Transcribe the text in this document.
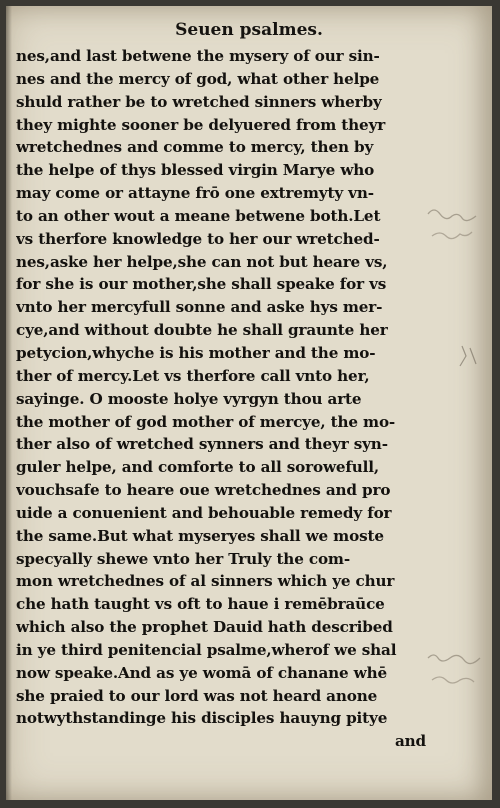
Seuen psalmes.
nes,and last betwene the mysery of our sin-
nes and the mercy of god, what other helpe
shuld rather be to wretched sinners wherby
they mighte sooner be delyuered from theyr
wretchednes and comme to mercy, then by
the helpe of thys blessed virgin Marye who
may come or attayne frō one extremyty vn-
to an other wout a meane betwene both.Let
vs therfore knowledge to her our wretched-
nes,aske her helpe,she can not but heare vs,
for she is our mother,she shall speake for vs
vnto her mercyfull sonne and aske hys mer-
cye,and without doubte he shall graunte her
petycion,whyche is his mother and the mo-
ther of mercy.Let vs therfore call vnto her,
sayinge. O mooste holye vyrgyn thou arte
the mother of god mother of mercye, the mo-
ther also of wretched synners and theyr syn-
guler helpe, and comforte to all sorowefull,
vouchsafe to heare oue wretchednes and pro
uide a conuenient and behouable remedy for
the same.But what myseryes shall we moste
specyally shewe vnto her Truly the com-
mon wretchednes of al sinners which ye chur
che hath taught vs oft to haue i remēbraūce
which also the prophet Dauid hath described
in ye third penitencial psalme,wherof we shal
now speake.And as ye womā of chanane whē
she praied to our lord was not heard anone
notwythstandinge his disciples hauyng pitye
and
